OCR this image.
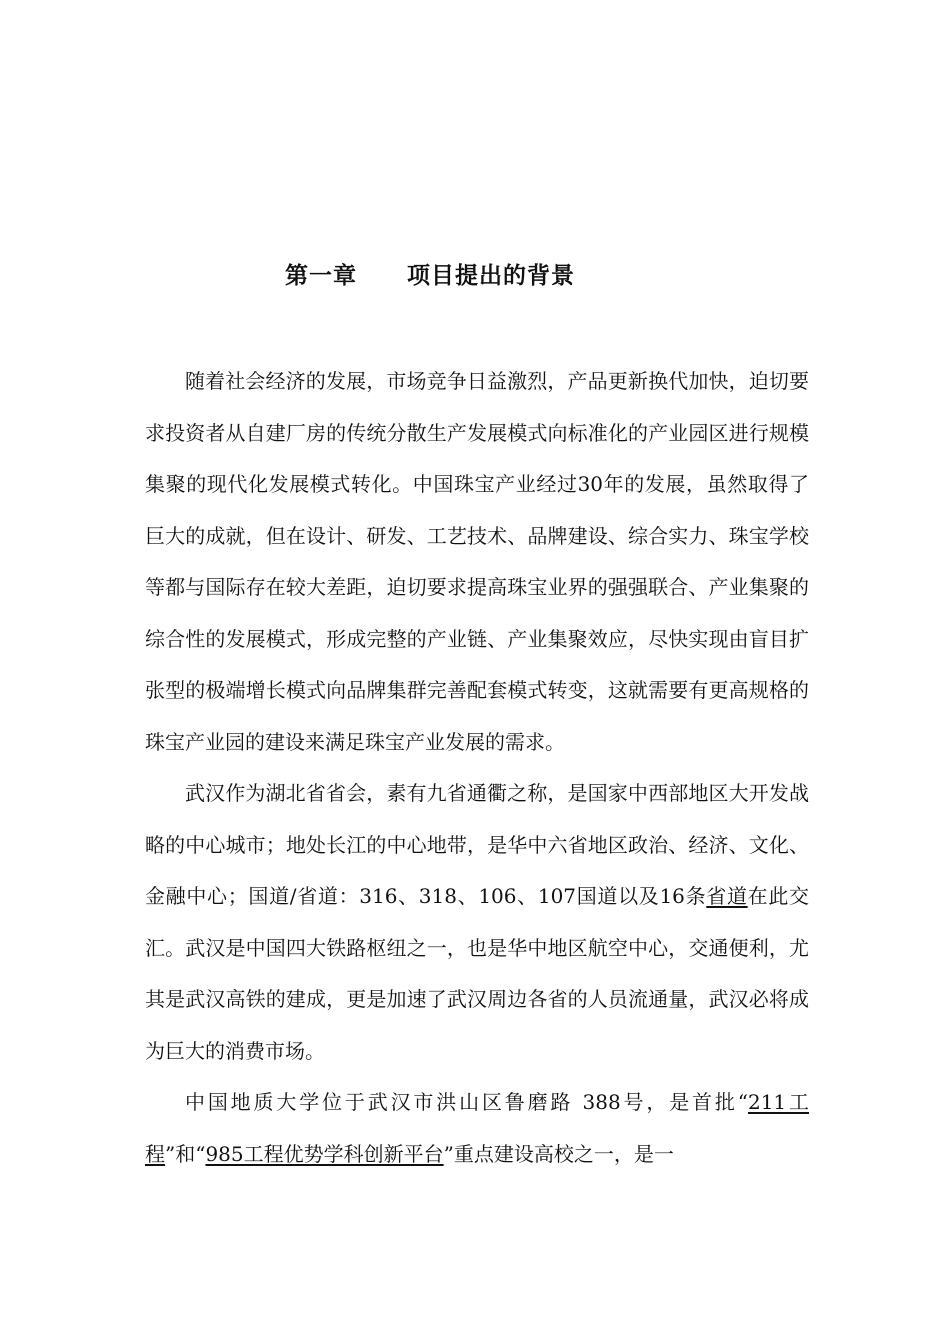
第一章 项目提出的背景

随着社会经济的发展，市场竞争日益激烈，产品更新换代加快，迫切要求投资者从自建厂房的传统分散生产发展模式向标准化的产业园区进行规模集聚的现代化发展模式转化。中国珠宝产业经过30年的发展，虽然取得了巨大的成就，但在设计、研发、工艺技术、品牌建设、综合实力、珠宝学校等都与国际存在较大差距，迫切要求提高珠宝业界的强强联合、产业集聚的综合性的发展模式，形成完整的产业链、产业集聚效应，尽快实现由盲目扩张型的极端增长模式向品牌集群完善配套模式转变，这就需要有更高规格的珠宝产业园的建设来满足珠宝产业发展的需求。

武汉作为湖北省省会，素有九省通衢之称，是国家中西部地区大开发战略的中心城市；地处长江的中心地带，是华中六省地区政治、经济、文化、金融中心；国道/省道：316、318、106、107国道以及16条省道在此交汇。武汉是中国四大铁路枢纽之一，也是华中地区航空中心，交通便利，尤其是武汉高铁的建成，更是加速了武汉周边各省的人员流通量，武汉必将成为巨大的消费市场。

中国地质大学位于武汉市洪山区鲁磨路 388号，是首批“211工程”和“985工程优势学科创新平台”重点建设高校之一，是一
